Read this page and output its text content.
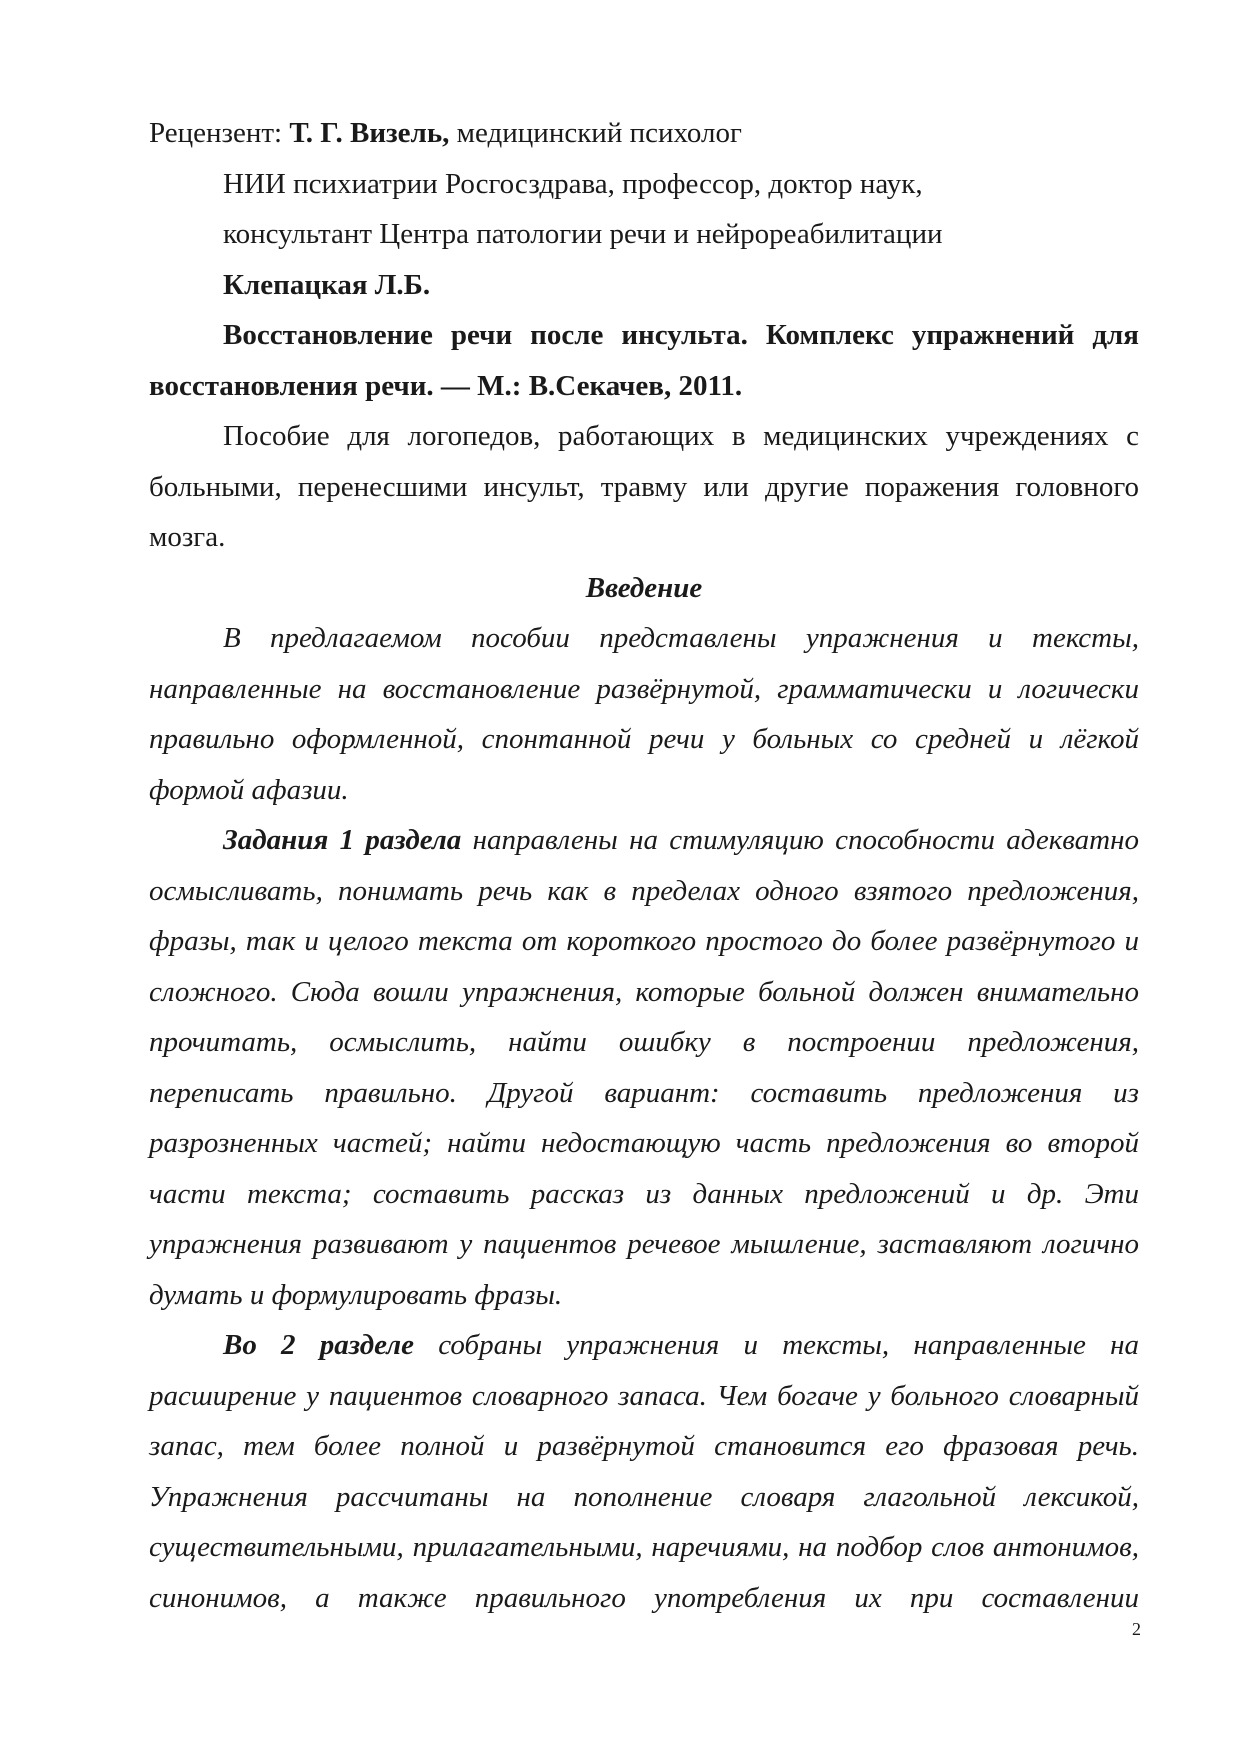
Рецензент: Т. Г. Визель, медицинский психолог
НИИ психиатрии Росгосздрава, профессор, доктор наук,
консультант Центра патологии речи и нейрореабилитации
Клепацкая Л.Б.
Восстановление речи после инсульта. Комплекс упражнений для
восстановления речи. — М.: В.Секачев, 2011.
Пособие для логопедов, работающих в медицинских учреждениях с больными, перенесшими инсульт, травму или другие поражения головного мозга.
Введение
В предлагаемом пособии представлены упражнения и тексты, направленные на восстановление развёрнутой, грамматически и логически правильно оформленной, спонтанной речи у больных со средней и лёгкой формой афазии.
Задания 1 раздела направлены на стимуляцию способности адекватно осмысливать, понимать речь как в пределах одного взятого предложения, фразы, так и целого текста от короткого простого до более развёрнутого и сложного. Сюда вошли упражнения, которые больной должен внимательно прочитать, осмыслить, найти ошибку в построении предложения, переписать правильно. Другой вариант: составить предложения из разрозненных частей; найти недостающую часть предложения во второй части текста; составить рассказ из данных предложений и др. Эти упражнения развивают у пациентов речевое мышление, заставляют логично думать и формулировать фразы.
Во 2 разделе собраны упражнения и тексты, направленные на расширение у пациентов словарного запаса. Чем богаче у больного словарный запас, тем более полной и развёрнутой становится его фразовая речь. Упражнения рассчитаны на пополнение словаря глагольной лексикой, существительными, прилагательными, наречиями, на подбор слов антонимов, синонимов, а также правильного употребления их при составлении
2
